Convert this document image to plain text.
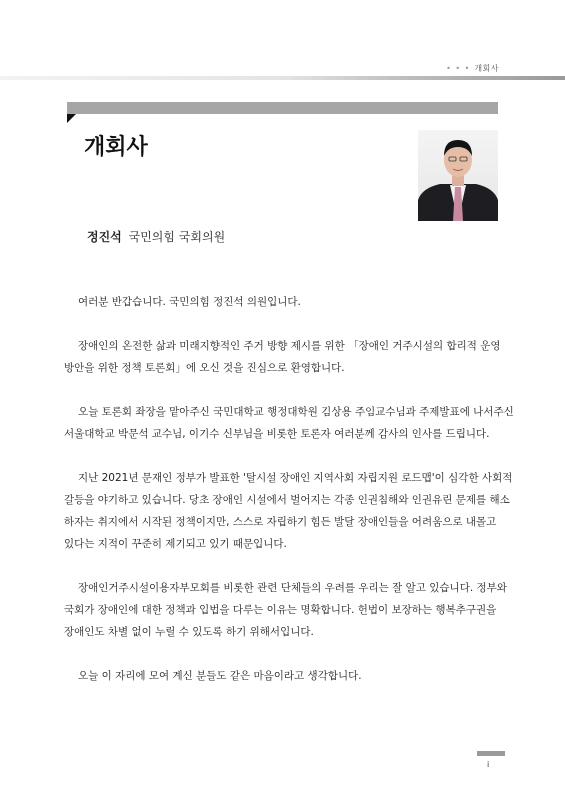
• • • 개회사
개회사
정진석 국민의힘 국회의원

여러분 반갑습니다. 국민의힘 정진석 의원입니다.

장애인의 온전한 삶과 미래지향적인 주거 방향 제시를 위한 「장애인 거주시설의 합리적 운영

방안을 위한 정책 토론회」에 오신 것을 진심으로 환영합니다.

오늘 토론회 좌장을 맡아주신 국민대학교 행정대학원 김상용 주임교수님과 주제발표에 나서주신

서울대학교 박문석 교수님, 이기수 신부님을 비롯한 토론자 여러분께 감사의 인사를 드립니다.

지난 2021년 문재인 정부가 발표한 '탈시설 장애인 지역사회 자립지원 로드맵'이 심각한 사회적

갈등을 야기하고 있습니다. 당초 장애인 시설에서 벌어지는 각종 인권침해와 인권유린 문제를 해소

하자는 취지에서 시작된 정책이지만, 스스로 자립하기 힘든 발달 장애인들을 어려움으로 내몰고

있다는 지적이 꾸준히 제기되고 있기 때문입니다.

장애인거주시설이용자부모회를 비롯한 관련 단체들의 우려를 우리는 잘 알고 있습니다. 정부와

국회가 장애인에 대한 정책과 입법을 다루는 이유는 명확합니다. 헌법이 보장하는 행복추구권을

장애인도 차별 없이 누릴 수 있도록 하기 위해서입니다.

오늘 이 자리에 모여 계신 분들도 같은 마음이라고 생각합니다.

i
